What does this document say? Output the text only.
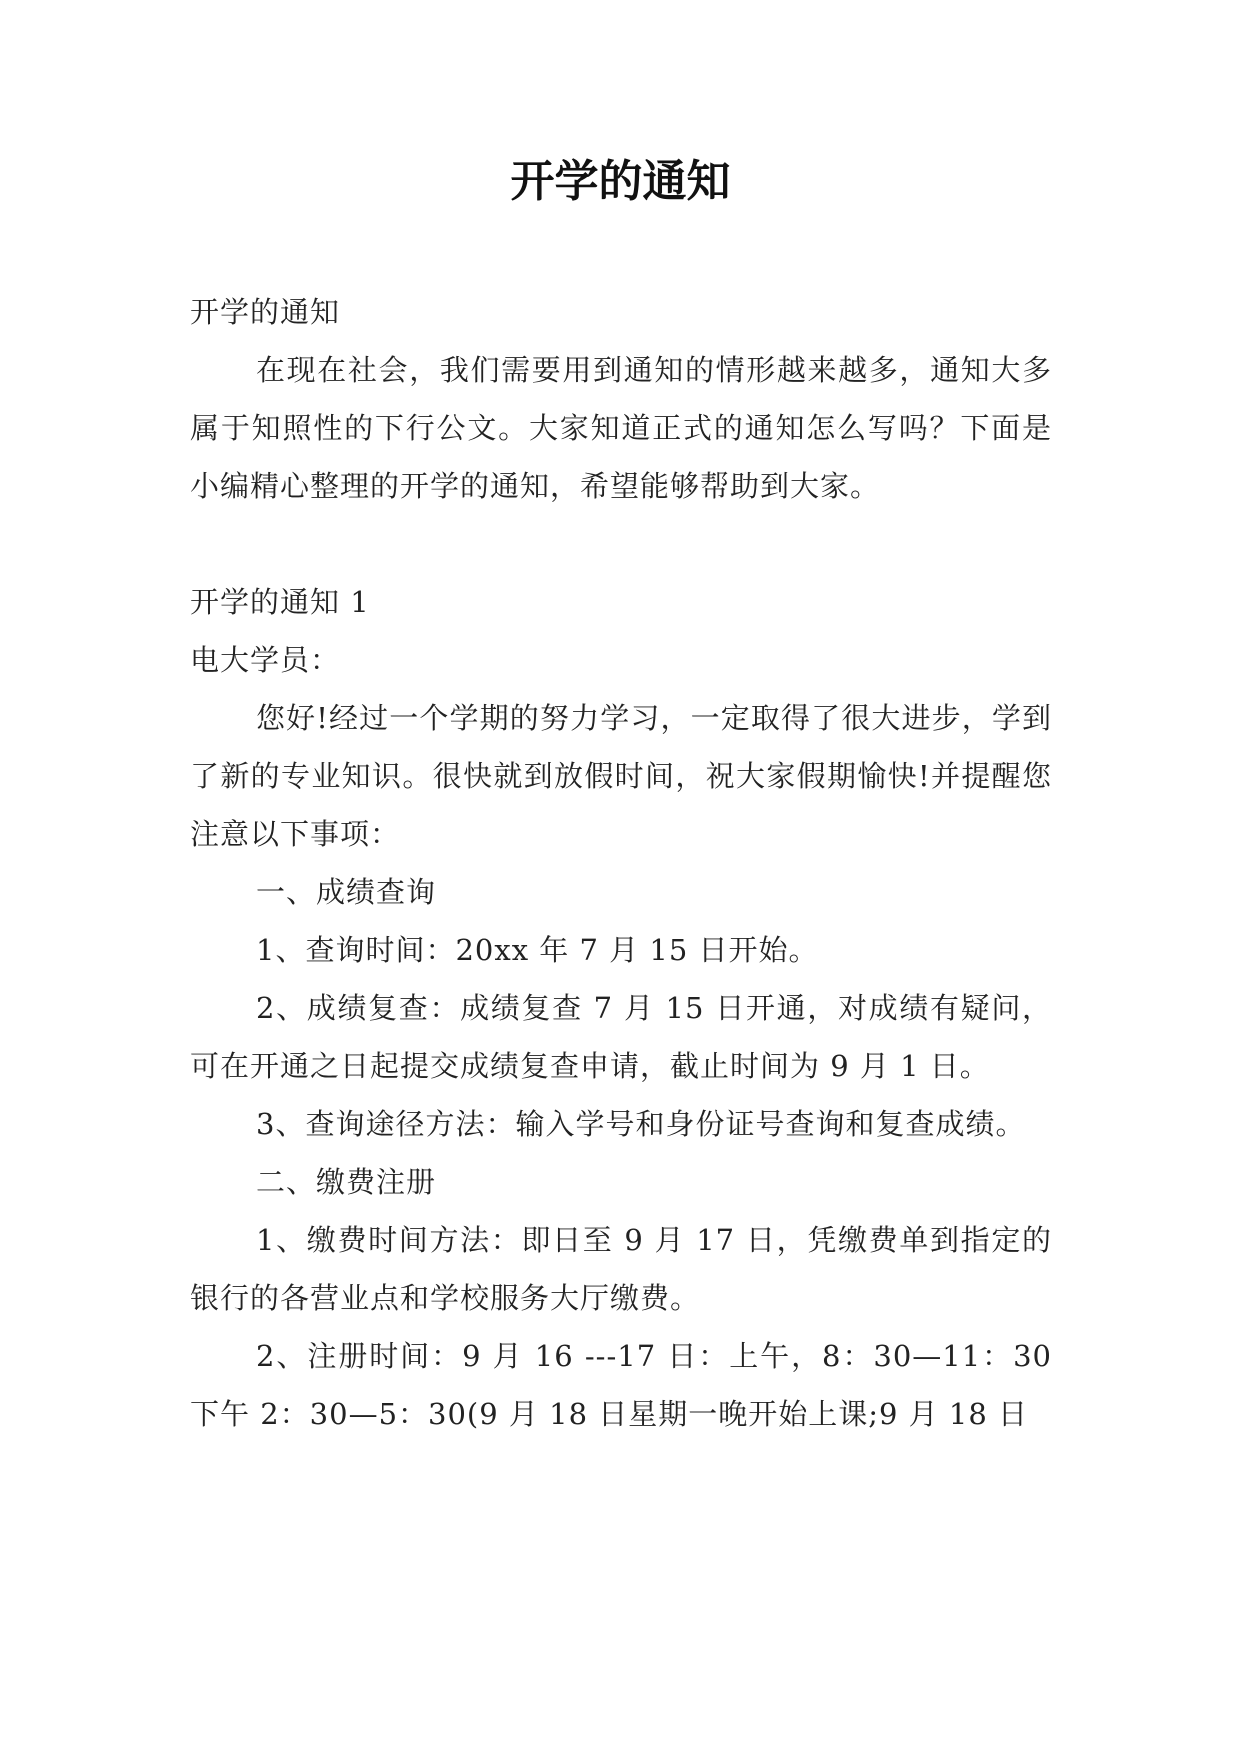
开学的通知

开学的通知

在现在社会，我们需要用到通知的情形越来越多，通知大多属于知照性的下行公文。大家知道正式的通知怎么写吗？下面是小编精心整理的开学的通知，希望能够帮助到大家。

开学的通知 1

电大学员：

您好!经过一个学期的努力学习，一定取得了很大进步，学到了新的专业知识。很快就到放假时间，祝大家假期愉快!并提醒您注意以下事项：

一、成绩查询

1、查询时间：20xx 年 7 月 15 日开始。

2、成绩复查：成绩复查 7 月 15 日开通，对成绩有疑问，可在开通之日起提交成绩复查申请，截止时间为 9 月 1 日。

3、查询途径方法：输入学号和身份证号查询和复查成绩。

二、缴费注册

1、缴费时间方法：即日至 9 月 17 日，凭缴费单到指定的银行的各营业点和学校服务大厅缴费。

2、注册时间：9 月 16 ---17 日：上午，8：30—11：30 下午 2：30—5：30(9 月 18 日星期一晚开始上课;9 月 18 日
